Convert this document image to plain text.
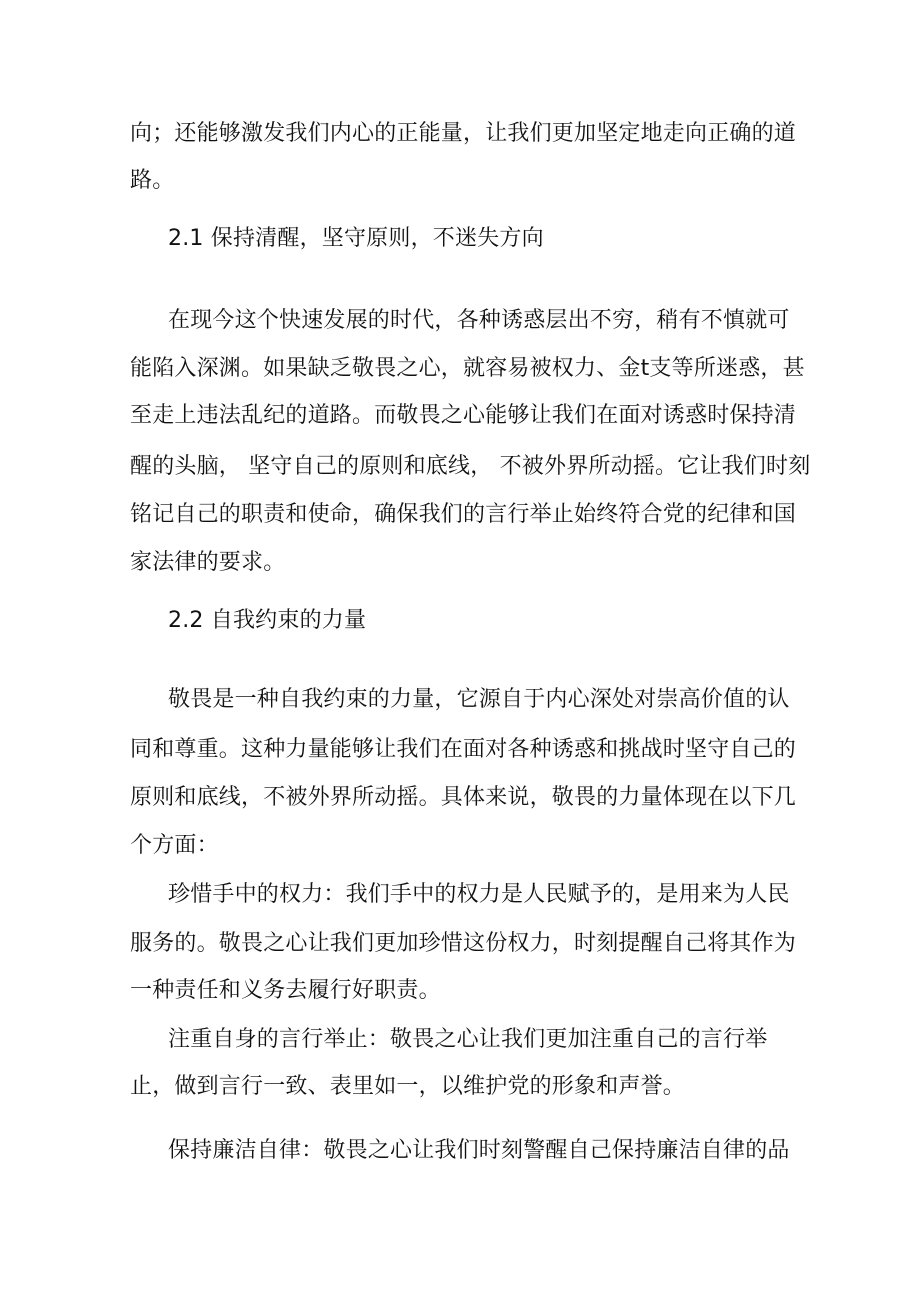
向；还能够激发我们内心的正能量，让我们更加坚定地走向正确的道
路。
2.1 保持清醒，坚守原则，不迷失方向
在现今这个快速发展的时代，各种诱惑层出不穷，稍有不慎就可
能陷入深渊。如果缺乏敬畏之心，就容易被权力、金t支等所迷惑，甚
至走上违法乱纪的道路。而敬畏之心能够让我们在面对诱惑时保持清
醒的头脑， 坚守自己的原则和底线， 不被外界所动摇。它让我们时刻
铭记自己的职责和使命，确保我们的言行举止始终符合党的纪律和国
家法律的要求。
2.2 自我约束的力量
敬畏是一种自我约束的力量，它源自于内心深处对崇高价值的认
同和尊重。这种力量能够让我们在面对各种诱惑和挑战时坚守自己的
原则和底线，不被外界所动摇。具体来说，敬畏的力量体现在以下几
个方面：
珍惜手中的权力：我们手中的权力是人民赋予的，是用来为人民
服务的。敬畏之心让我们更加珍惜这份权力，时刻提醒自己将其作为
一种责任和义务去履行好职责。
注重自身的言行举止：敬畏之心让我们更加注重自己的言行举
止，做到言行一致、表里如一，以维护党的形象和声誉。
保持廉洁自律：敬畏之心让我们时刻警醒自己保持廉洁自律的品
